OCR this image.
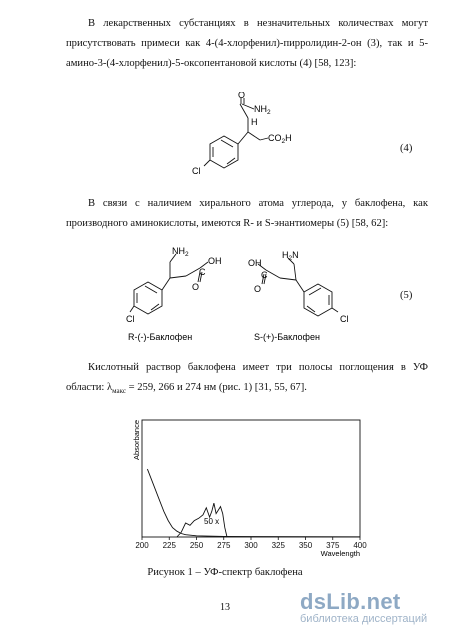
В лекарственных субстанциях в незначительных количествах могут
присутствовать примеси как 4-(4-хлорфенил)-пирролидин-2-он (3), так и 5-
амино-3-(4-хлорфенил)-5-оксопентановой кислоты (4) [58, 123]:
O
$NH_2$
H
$CO_2H$
Cl
(4)
В связи с наличием хирального атома углерода, у баклофена, как
производного аминокислоты, имеются R- и S-энантиомеры (5) [58, 62]:
$NH_2$
OH
C
O
Cl
R-(-)-Баклофен
$H_2N$
OH
C
O
Cl
S-(+)-Баклофен
(5)
Кислотный раствор баклофена имеет три полосы поглощения в УФ
области: $\lambda_{макс} = 259$, 266 и 274 нм (рис. 1) [31, 55, 67].
200 225 250 275 300 325 350 375 400
Absorbance
Wavelength
50 x
Рисунок 1 – УФ-спектр баклофена
13	dsLib.net
библиотека диссертаций
